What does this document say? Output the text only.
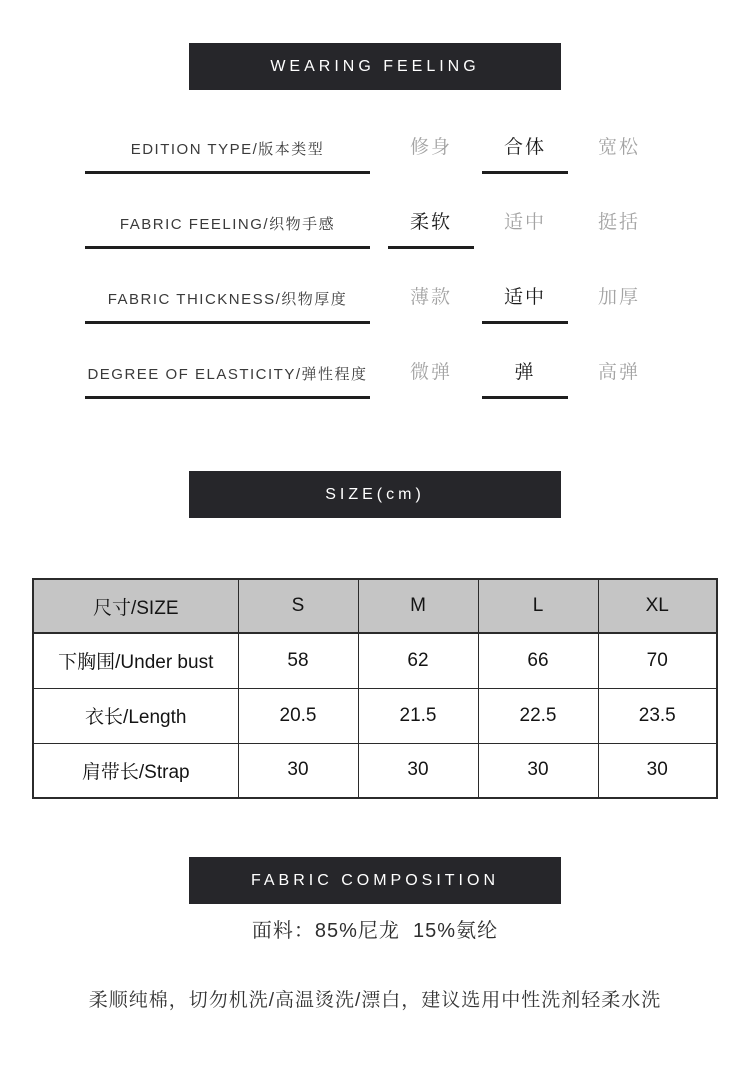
WEARING FEELING
EDITION TYPE/版本类型	修身	合体	宽松
FABRIC FEELING/织物手感	柔软	适中	挺括
FABRIC THICKNESS/织物厚度	薄款	适中	加厚
DEGREE OF ELASTICITY/弹性程度	微弹	弹	高弹
SIZE(cm)
尺寸/SIZE	S	M	L	XL
下胸围/Under bust	58	62	66	70
衣长/Length	20.5	21.5	22.5	23.5
肩带长/Strap	30	30	30	30
FABRIC COMPOSITION
面料：85%尼龙  15%氨纶
柔顺纯棉，切勿机洗/高温烫洗/漂白，建议选用中性洗剂轻柔水洗
